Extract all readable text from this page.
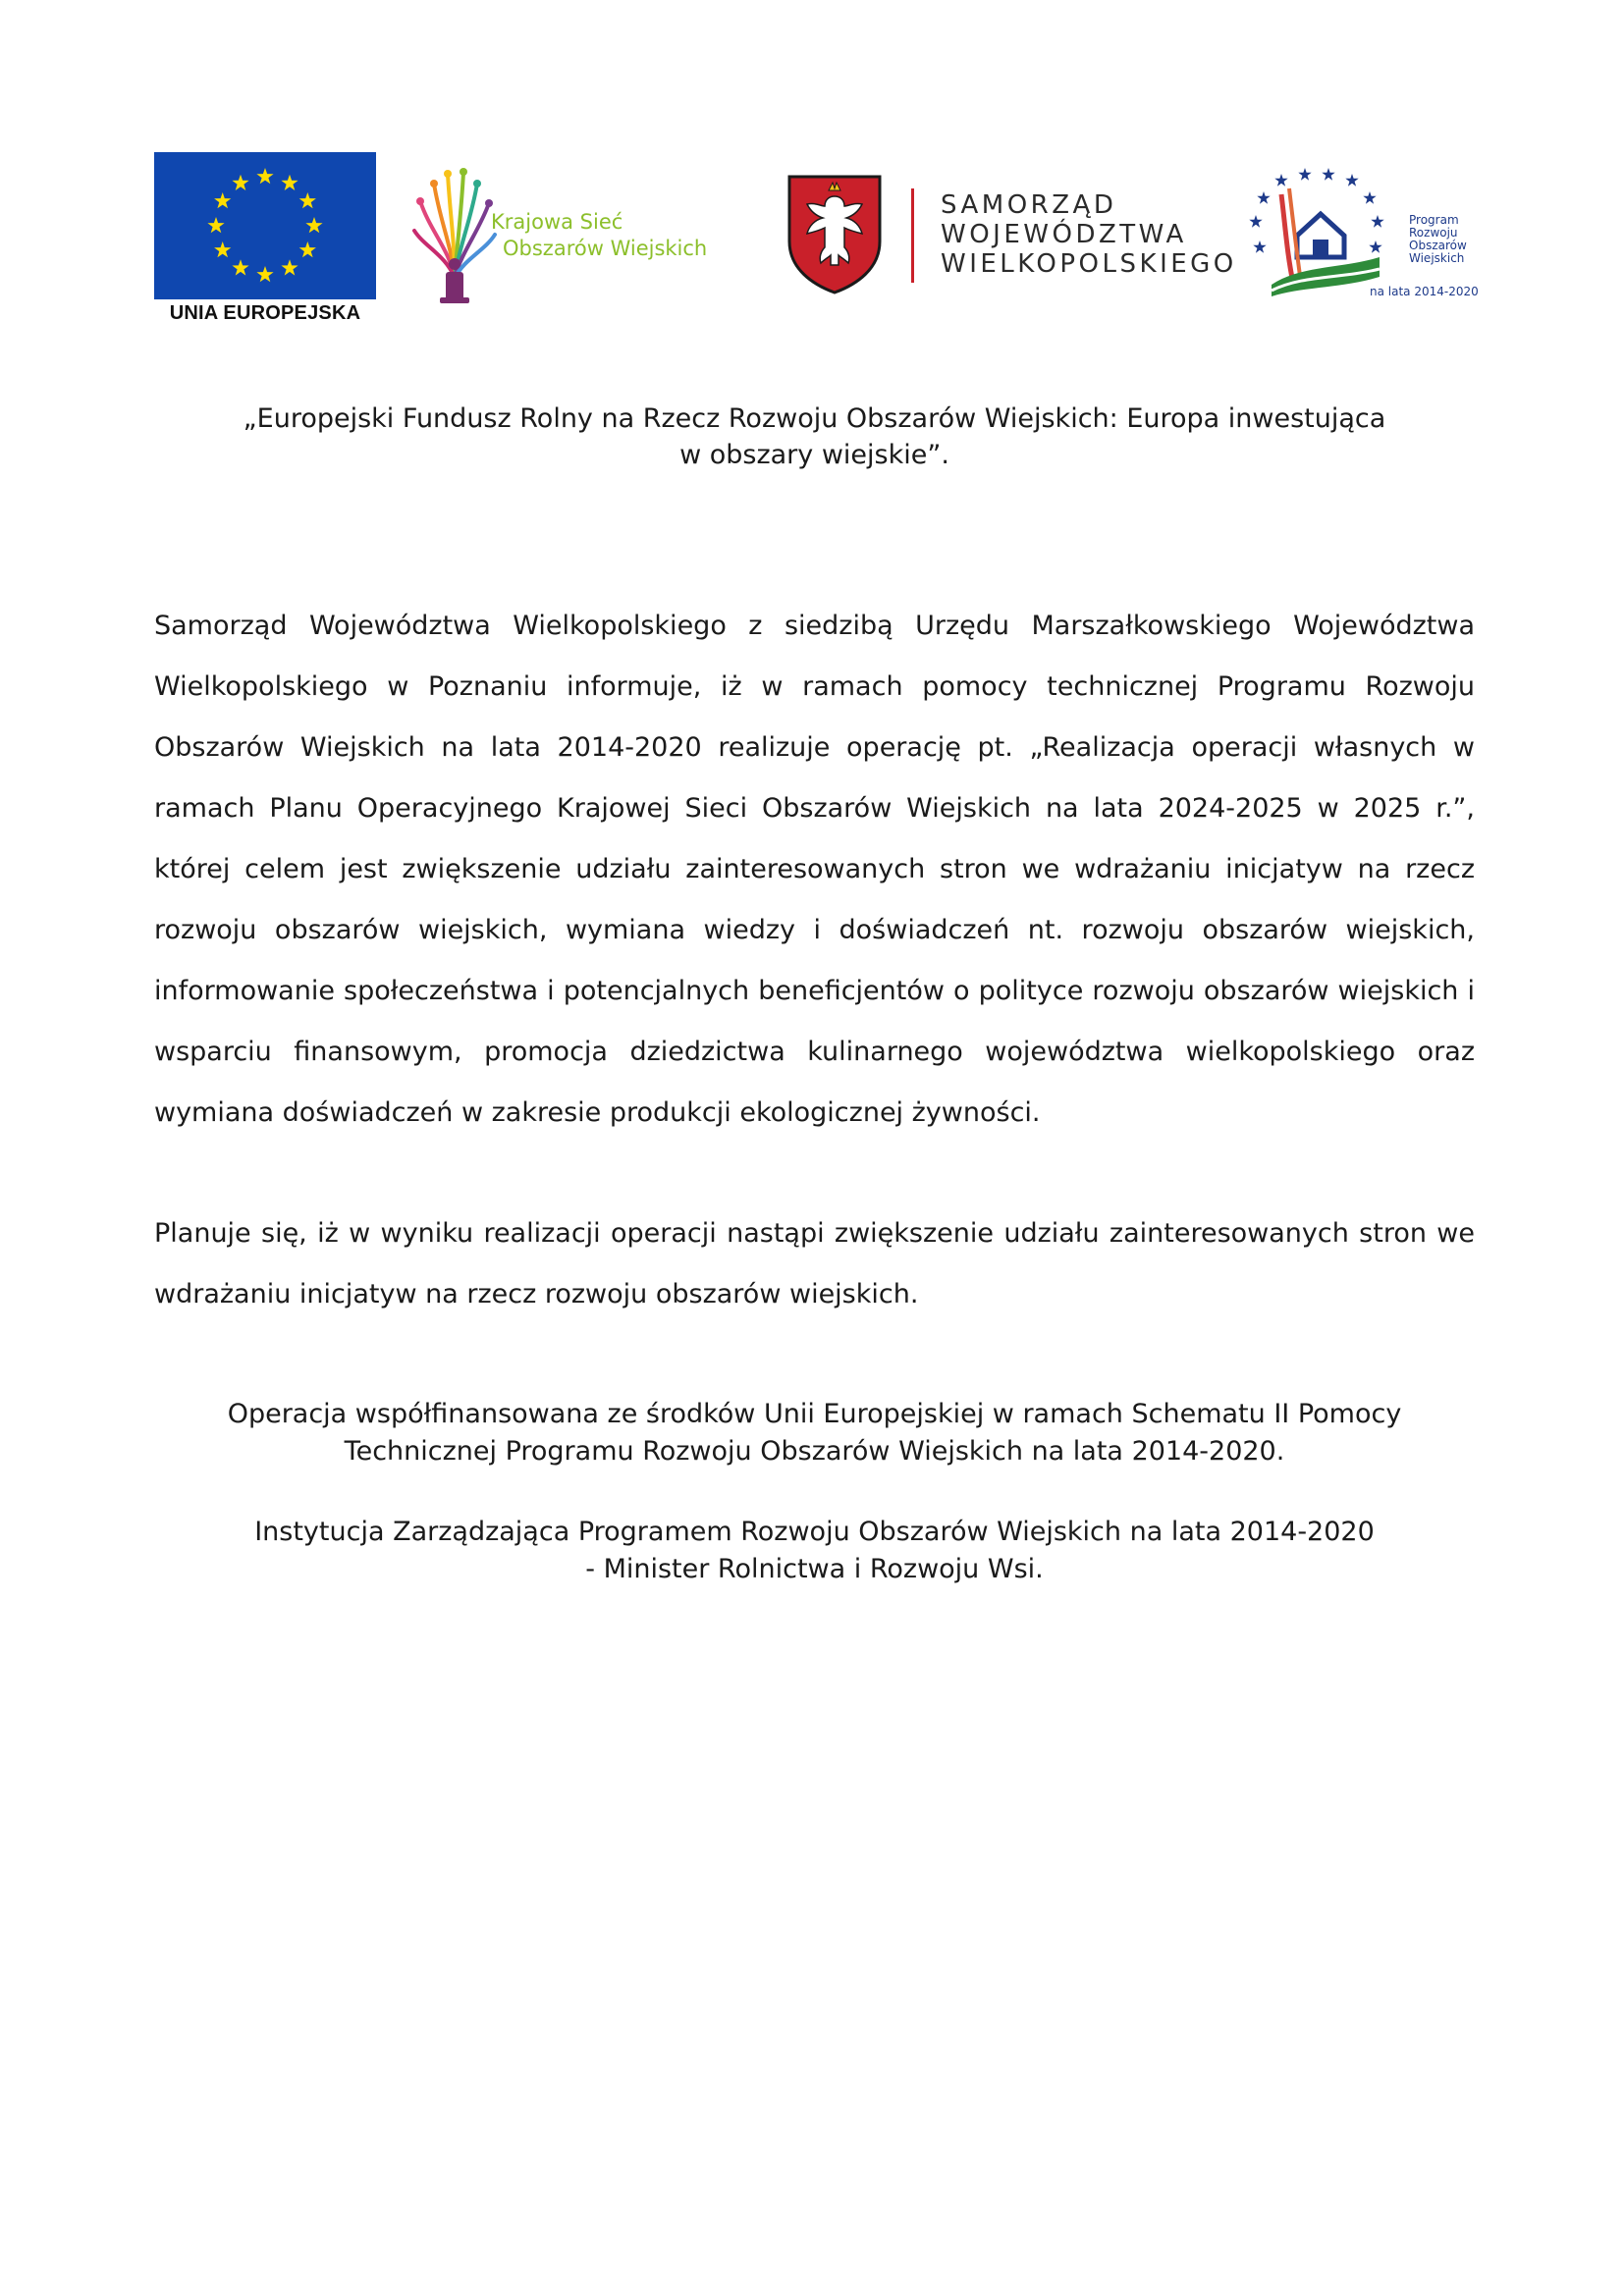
UNIA EUROPEJSKA
Krajowa Sieć
Obszarów Wiejskich
SAMORZĄD
WOJEWÓDZTWA
WIELKOPOLSKIEGO
Program
Rozwoju
Obszarów
Wiejskich
na lata 2014-2020
„Europejski Fundusz Rolny na Rzecz Rozwoju Obszarów Wiejskich: Europa inwestująca
w obszary wiejskie”.
Samorząd Województwa Wielkopolskiego z siedzibą Urzędu Marszałkowskiego Województwa Wielkopolskiego w Poznaniu informuje, iż w ramach pomocy technicznej Programu Rozwoju Obszarów Wiejskich na lata 2014-2020 realizuje operację pt. „Realizacja operacji własnych w ramach Planu Operacyjnego Krajowej Sieci Obszarów Wiejskich na lata 2024-2025 w 2025 r.”, której celem jest zwiększenie udziału zainteresowanych stron we wdrażaniu inicjatyw na rzecz rozwoju obszarów wiejskich, wymiana wiedzy i doświadczeń nt. rozwoju obszarów wiejskich, informowanie społeczeństwa i potencjalnych beneficjentów o polityce rozwoju obszarów wiejskich i wsparciu finansowym, promocja dziedzictwa kulinarnego województwa wielkopolskiego oraz wymiana doświadczeń w zakresie produkcji ekologicznej żywności.
Planuje się, iż w wyniku realizacji operacji nastąpi zwiększenie udziału zainteresowanych stron we wdrażaniu inicjatyw na rzecz rozwoju obszarów wiejskich.
Operacja współfinansowana ze środków Unii Europejskiej w ramach Schematu II Pomocy
Technicznej Programu Rozwoju Obszarów Wiejskich na lata 2014-2020.
Instytucja Zarządzająca Programem Rozwoju Obszarów Wiejskich na lata 2014-2020
- Minister Rolnictwa i Rozwoju Wsi.
